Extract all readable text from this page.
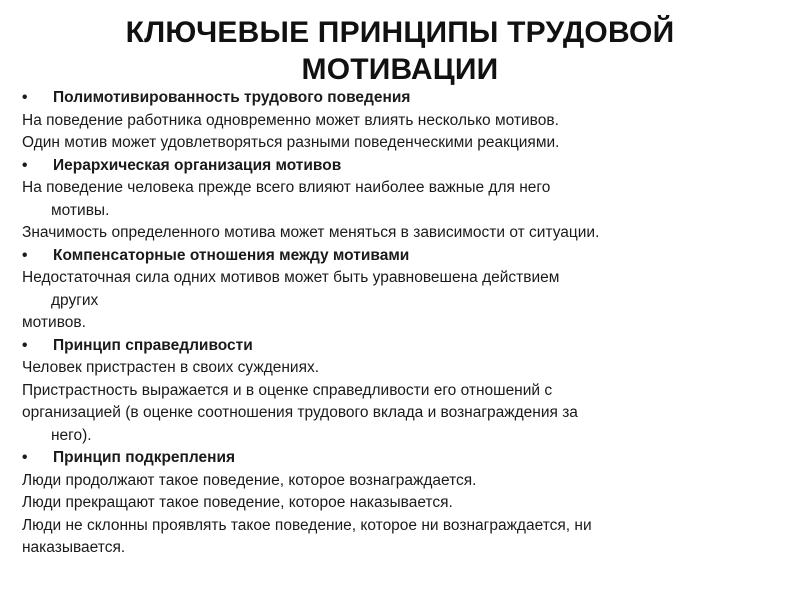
КЛЮЧЕВЫЕ ПРИНЦИПЫ ТРУДОВОЙ
МОТИВАЦИИ
• Полимотивированность трудового поведения
На поведение работника одновременно может влиять несколько мотивов.
Один мотив может удовлетворяться разными поведенческими реакциями.
• Иерархическая организация мотивов
На поведение человека прежде всего влияют наиболее важные для него
мотивы.
Значимость определенного мотива может меняться в зависимости от ситуации.
• Компенсаторные отношения между мотивами
Недостаточная сила одних мотивов может быть уравновешена действием
других
мотивов.
• Принцип справедливости
Человек пристрастен в своих суждениях.
Пристрастность выражается и в оценке справедливости его отношений с
организацией (в оценке соотношения трудового вклада и вознаграждения за
него).
• Принцип подкрепления
Люди продолжают такое поведение, которое вознаграждается.
Люди прекращают такое поведение, которое наказывается.
Люди не склонны проявлять такое поведение, которое ни вознаграждается, ни
наказывается.
